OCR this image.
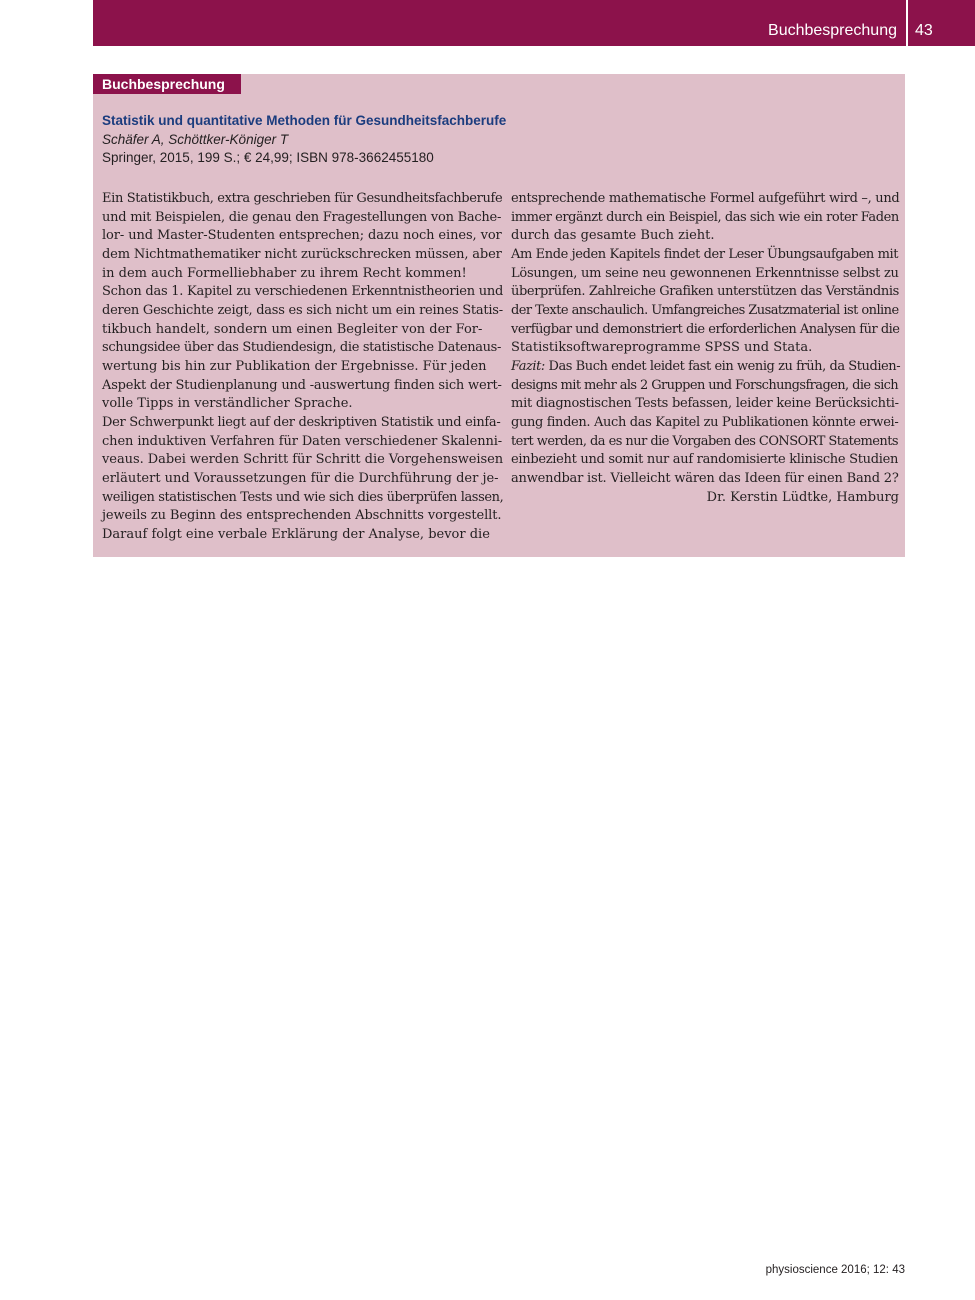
Buchbesprechung 43
Buchbesprechung
Statistik und quantitative Methoden für Gesundheitsfachberufe
Schäfer A, Schöttker-Königer T
Springer, 2015, 199 S.; € 24,99; ISBN 978-3662455180
Ein Statistikbuch, extra geschrieben für Gesundheitsfachberufe
und mit Beispielen, die genau den Fragestellungen von Bache-
lor- und Master-Studenten entsprechen; dazu noch eines, vor
dem Nichtmathematiker nicht zurückschrecken müssen, aber
in dem auch Formelliebhaber zu ihrem Recht kommen!
Schon das 1. Kapitel zu verschiedenen Erkenntnistheorien und
deren Geschichte zeigt, dass es sich nicht um ein reines Statis-
tikbuch handelt, sondern um einen Begleiter von der For-
schungsidee über das Studiendesign, die statistische Datenaus-
wertung bis hin zur Publikation der Ergebnisse. Für jeden
Aspekt der Studienplanung und -auswertung finden sich wert-
volle Tipps in verständlicher Sprache.
Der Schwerpunkt liegt auf der deskriptiven Statistik und einfa-
chen induktiven Verfahren für Daten verschiedener Skalenni-
veaus. Dabei werden Schritt für Schritt die Vorgehensweisen
erläutert und Voraussetzungen für die Durchführung der je-
weiligen statistischen Tests und wie sich dies überprüfen lassen,
jeweils zu Beginn des entsprechenden Abschnitts vorgestellt.
Darauf folgt eine verbale Erklärung der Analyse, bevor die
entsprechende mathematische Formel aufgeführt wird –, und
immer ergänzt durch ein Beispiel, das sich wie ein roter Faden
durch das gesamte Buch zieht.
Am Ende jeden Kapitels findet der Leser Übungsaufgaben mit
Lösungen, um seine neu gewonnenen Erkenntnisse selbst zu
überprüfen. Zahlreiche Grafiken unterstützen das Verständnis
der Texte anschaulich. Umfangreiches Zusatzmaterial ist online
verfügbar und demonstriert die erforderlichen Analysen für die
Statistiksoftwareprogramme SPSS und Stata.
Fazit: Das Buch endet leidet fast ein wenig zu früh, da Studien-
designs mit mehr als 2 Gruppen und Forschungsfragen, die sich
mit diagnostischen Tests befassen, leider keine Berücksichti-
gung finden. Auch das Kapitel zu Publikationen könnte erwei-
tert werden, da es nur die Vorgaben des CONSORT Statements
einbezieht und somit nur auf randomisierte klinische Studien
anwendbar ist. Vielleicht wären das Ideen für einen Band 2?
Dr. Kerstin Lüdtke, Hamburg
physioscience 2016; 12: 43
